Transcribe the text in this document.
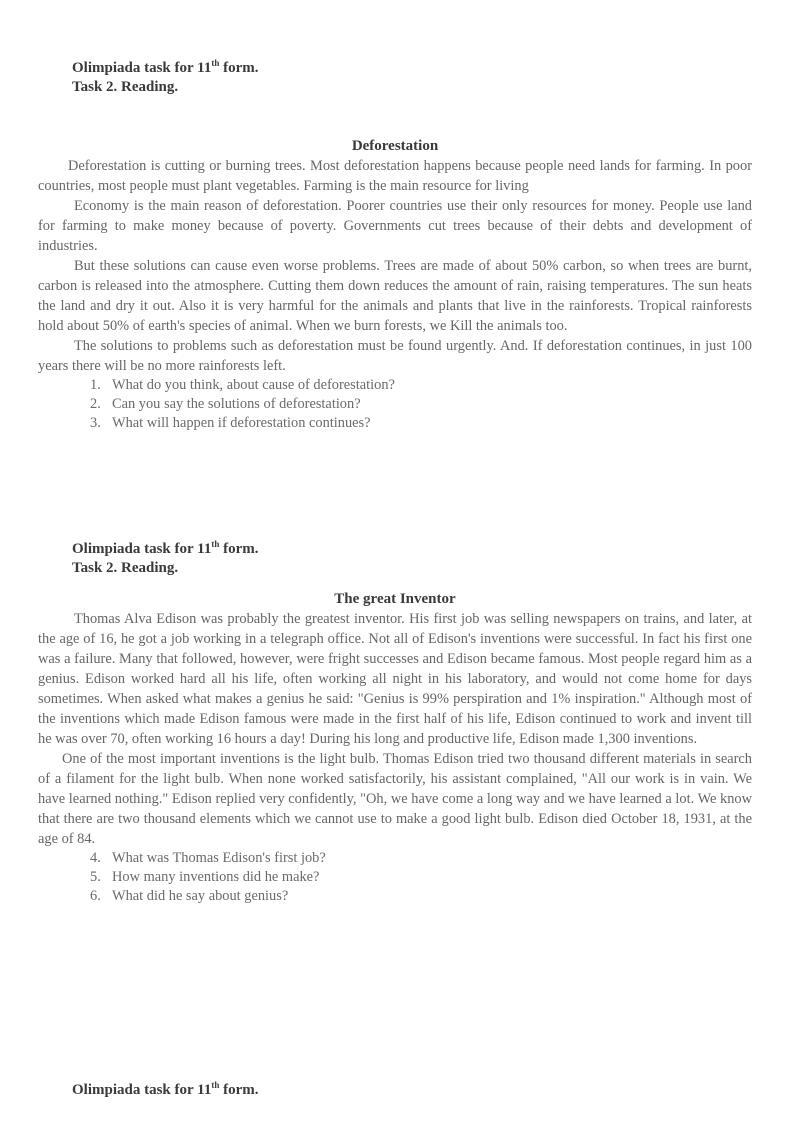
Olimpiada task for 11th form.
Task 2. Reading.
Deforestation

Deforestation is cutting or burning trees. Most deforestation happens because people need lands for farming. In poor countries, most people must plant vegetables. Farming is the main resource for living

Economy is the main reason of deforestation. Poorer countries use their only resources for money. People use land for farming to make money because of poverty. Governments cut trees because of their debts and development of industries.

But these solutions can cause even worse problems. Trees are made of about 50% carbon, so when trees are burnt, carbon is released into the atmosphere. Cutting them down reduces the amount of rain, raising temperatures. The sun heats the land and dry it out. Also it is very harmful for the animals and plants that live in the rainforests. Tropical rainforests hold about 50% of earth's species of animal. When we burn forests, we Kill the animals too.

The solutions to problems such as deforestation must be found urgently. And. If deforestation continues, in just 100 years there will be no more rainforests left.

1. What do you think, about cause of deforestation?
2. Can you say the solutions of deforestation?
3. What will happen if deforestation continues?
Olimpiada task for 11th form.
Task 2. Reading.
The great Inventor

Thomas Alva Edison was probably the greatest inventor. His first job was selling newspapers on trains, and later, at the age of 16, he got a job working in a telegraph office. Not all of Edison's inventions were successful. In fact his first one was a failure. Many that followed, however, were fright successes and Edison became famous. Most people regard him as a genius. Edison worked hard all his life, often working all night in his laboratory, and would not come home for days sometimes. When asked what makes a genius he said: "Genius is 99% perspiration and 1% inspiration." Although most of the inventions which made Edison famous were made in the first half of his life, Edison continued to work and invent till he was over 70, often working 16 hours a day! During his long and productive life, Edison made 1,300 inventions.

One of the most important inventions is the light bulb. Thomas Edison tried two thousand different materials in search of a filament for the light bulb. When none worked satisfactorily, his assistant complained, "All our work is in vain. We have learned nothing." Edison replied very confidently, "Oh, we have come a long way and we have learned a lot. We know that there are two thousand elements which we cannot use to make a good light bulb. Edison died October 18, 1931, at the age of 84.

4. What was Thomas Edison's first job?
5. How many inventions did he make?
6. What did he say about genius?
Olimpiada task for 11th form.
